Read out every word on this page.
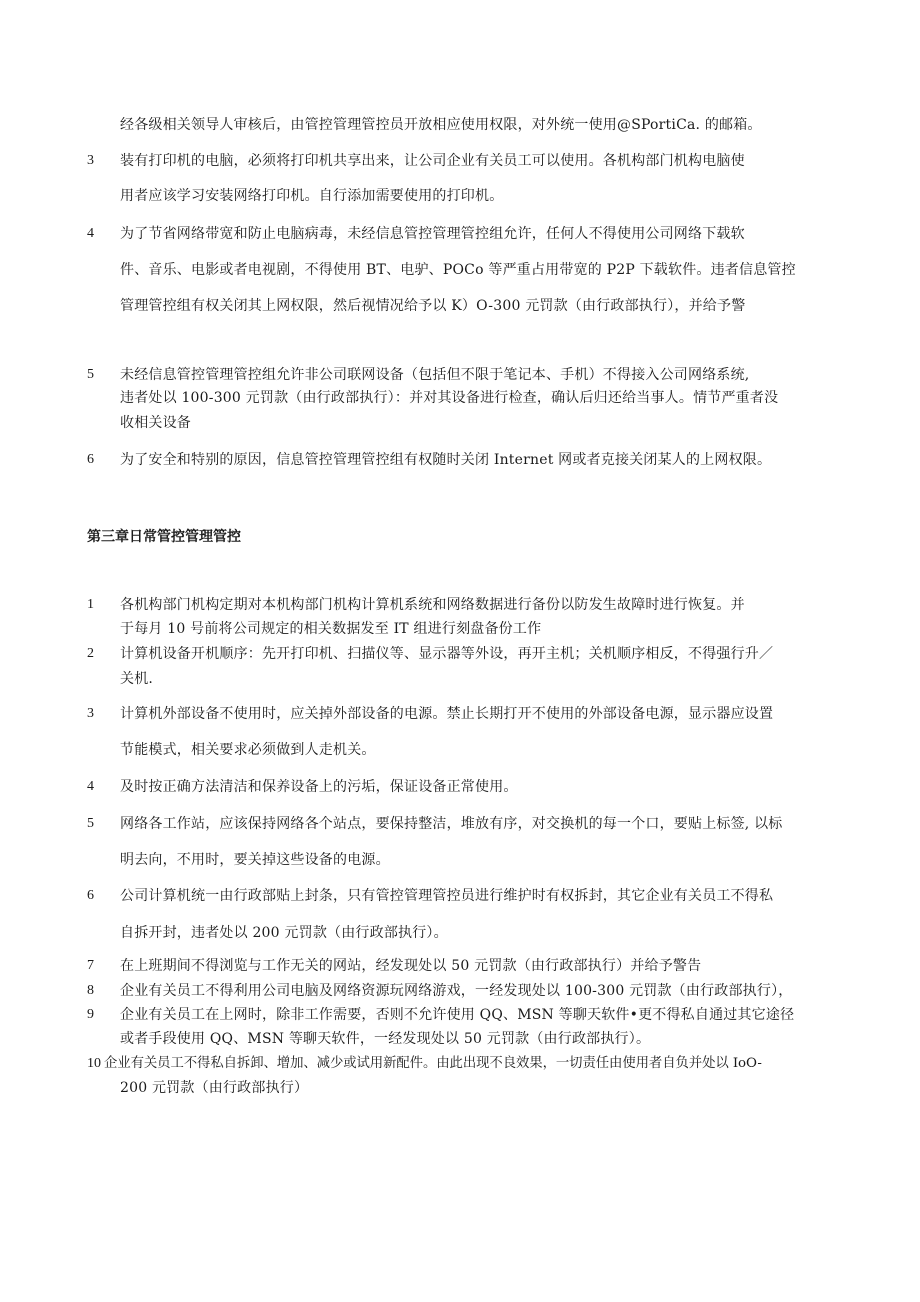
经各级相关领导人审核后，由管控管理管控员开放相应使用权限，对外统一使用@SPortiCa. 的邮箱。
3 装有打印机的电脑，必须将打印机共享出来，让公司企业有关员工可以使用。各机构部门机构电脑使
用者应该学习安装网络打印机。自行添加需要使用的打印机。
4 为了节省网络带宽和防止电脑病毒，未经信息管控管理管控组允许，任何人不得使用公司网络下载软
件、音乐、电影或者电视剧，不得使用 BT、电驴、POCo 等严重占用带宽的 P2P 下载软件。违者信息管控
管理管控组有权关闭其上网权限，然后视情况给予以 K）O-300 元罚款（由行政部执行），并给予警
5 未经信息管控管理管控组允许非公司联网设备（包括但不限于笔记本、手机）不得接入公司网络系统,
违者处以 100-300 元罚款（由行政部执行）：并对其设备进行检查，确认后归还给当事人。情节严重者没
收相关设备
6 为了安全和特别的原因，信息管控管理管控组有权随时关闭 Internet 网或者克接关闭某人的上网权限。
第三章日常管控管理管控
1 各机构部门机构定期对本机构部门机构计算机系统和网络数据进行备份以防发生故障时进行恢复。并
于每月 10 号前将公司规定的相关数据发至 IT 组进行刻盘备份工作
2 计算机设备开机顺序：先开打印机、扫描仪等、显示器等外设，再开主机；关机顺序相反，不得强行升／
关机.
3 计算机外部设备不使用时，应关掉外部设备的电源。禁止长期打开不使用的外部设备电源，显示器应设置
节能模式，相关要求必须做到人走机关。
4 及时按正确方法清洁和保养设备上的污垢，保证设备正常使用。
5 网络各工作站，应该保持网络各个站点，要保持整洁，堆放有序，对交换机的每一个口，要贴上标签, 以标
明去向，不用时，要关掉这些设备的电源。
6 公司计算机统一由行政部贴上封条，只有管控管理管控员进行维护时有权拆封，其它企业有关员工不得私
自拆开封，违者处以 200 元罚款（由行政部执行）。
7 在上班期间不得浏览与工作无关的网站，经发现处以 50 元罚款（由行政部执行）并给予警告
8 企业有关员工不得利用公司电脑及网络资源玩网络游戏，一经发现处以 100-300 元罚款（由行政部执行），
9 企业有关员工在上网时，除非工作需要，否则不允许使用 QQ、MSN 等聊天软件•更不得私自通过其它途径
或者手段使用 QQ、MSN 等聊天软件，一经发现处以 50 元罚款（由行政部执行）。
10 企业有关员工不得私自拆卸、增加、减少或试用新配件。由此出现不良效果，一切责任由使用者自负并处以 IoO-
200 元罚款（由行政部执行）
